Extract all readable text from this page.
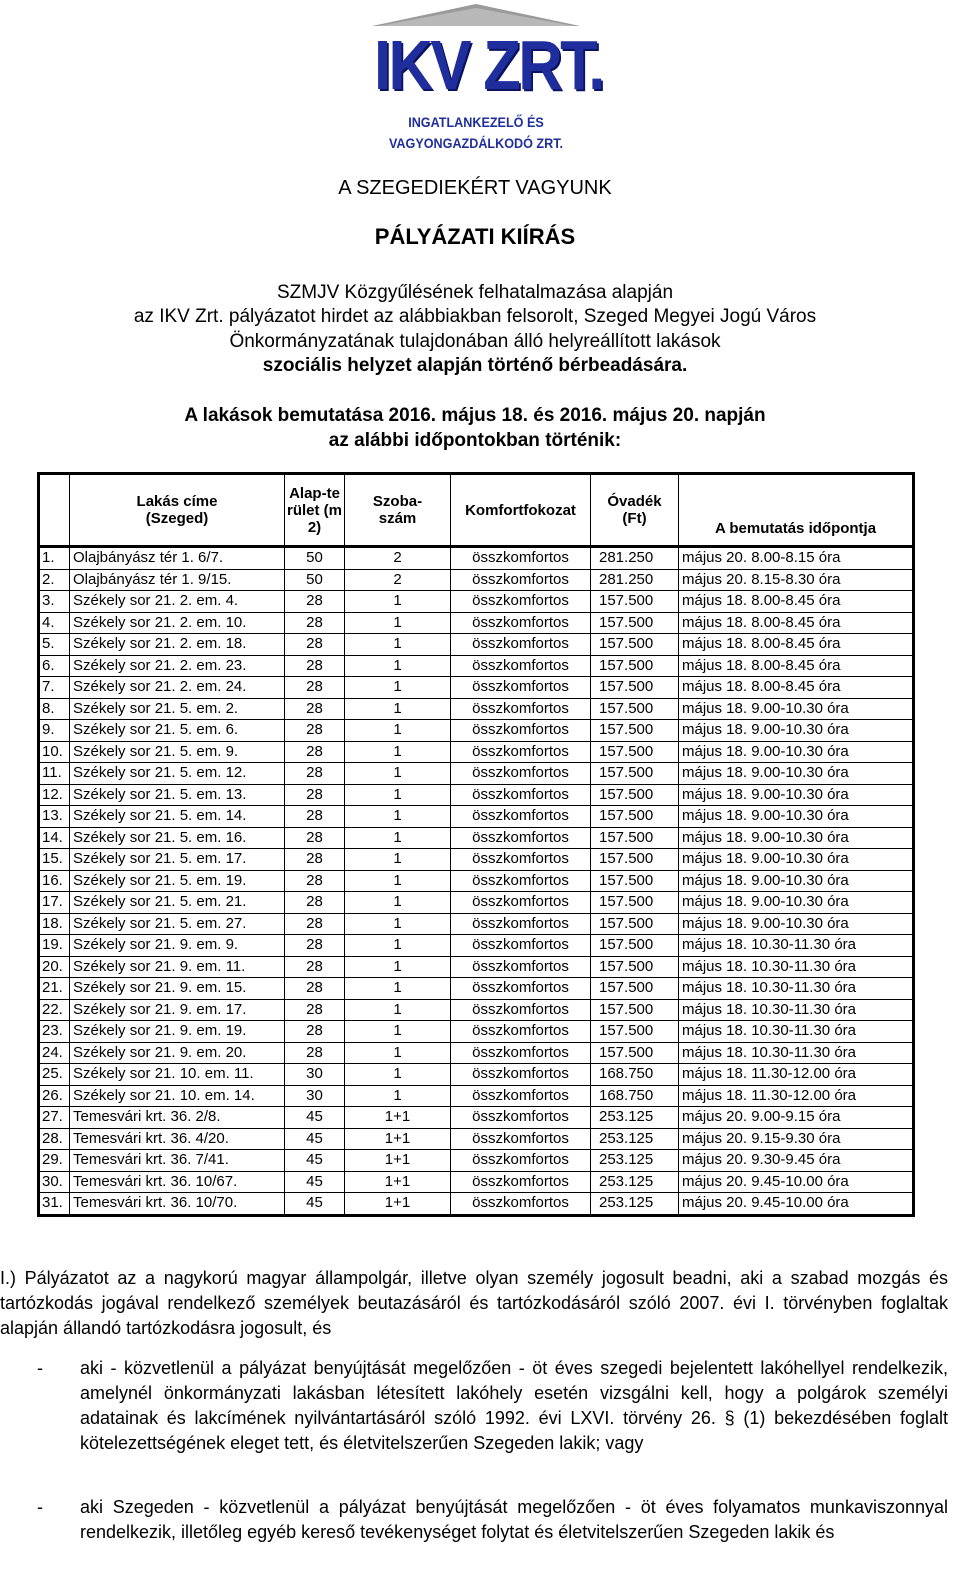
IKV ZRT.
INGATLANKEZELŐ ÉS
VAGYONGAZDÁLKODÓ ZRT.
A SZEGEDIEKÉRT VAGYUNK
PÁLYÁZATI KIÍRÁS
SZMJV Közgyűlésének felhatalmazása alapján
az IKV Zrt. pályázatot hirdet az alábbiakban felsorolt, Szeged Megyei Jogú Város
Önkormányzatának tulajdonában álló helyreállított lakások
szociális helyzet alapján történő bérbeadására.
A lakások bemutatása 2016. május 18. és 2016. május 20. napján
az alábbi időpontokban történik:
	Lakás címe (Szeged)	Alap-terület (m2)	Szoba-szám	Komfortfokozat	Óvadék (Ft)	A bemutatás időpontja
1.	Olajbányász tér 1. 6/7.	50	2	összkomfortos	281.250	május 20. 8.00-8.15 óra
2.	Olajbányász tér 1. 9/15.	50	2	összkomfortos	281.250	május 20. 8.15-8.30 óra
3.	Székely sor 21. 2. em. 4.	28	1	összkomfortos	157.500	május 18. 8.00-8.45 óra
4.	Székely sor 21. 2. em. 10.	28	1	összkomfortos	157.500	május 18. 8.00-8.45 óra
5.	Székely sor 21. 2. em. 18.	28	1	összkomfortos	157.500	május 18. 8.00-8.45 óra
6.	Székely sor 21. 2. em. 23.	28	1	összkomfortos	157.500	május 18. 8.00-8.45 óra
7.	Székely sor 21. 2. em. 24.	28	1	összkomfortos	157.500	május 18. 8.00-8.45 óra
8.	Székely sor 21. 5. em. 2.	28	1	összkomfortos	157.500	május 18. 9.00-10.30 óra
9.	Székely sor 21. 5. em. 6.	28	1	összkomfortos	157.500	május 18. 9.00-10.30 óra
10.	Székely sor 21. 5. em. 9.	28	1	összkomfortos	157.500	május 18. 9.00-10.30 óra
11.	Székely sor 21. 5. em. 12.	28	1	összkomfortos	157.500	május 18. 9.00-10.30 óra
12.	Székely sor 21. 5. em. 13.	28	1	összkomfortos	157.500	május 18. 9.00-10.30 óra
13.	Székely sor 21. 5. em. 14.	28	1	összkomfortos	157.500	május 18. 9.00-10.30 óra
14.	Székely sor 21. 5. em. 16.	28	1	összkomfortos	157.500	május 18. 9.00-10.30 óra
15.	Székely sor 21. 5. em. 17.	28	1	összkomfortos	157.500	május 18. 9.00-10.30 óra
16.	Székely sor 21. 5. em. 19.	28	1	összkomfortos	157.500	május 18. 9.00-10.30 óra
17.	Székely sor 21. 5. em. 21.	28	1	összkomfortos	157.500	május 18. 9.00-10.30 óra
18.	Székely sor 21. 5. em. 27.	28	1	összkomfortos	157.500	május 18. 9.00-10.30 óra
19.	Székely sor 21. 9. em. 9.	28	1	összkomfortos	157.500	május 18. 10.30-11.30 óra
20.	Székely sor 21. 9. em. 11.	28	1	összkomfortos	157.500	május 18. 10.30-11.30 óra
21.	Székely sor 21. 9. em. 15.	28	1	összkomfortos	157.500	május 18. 10.30-11.30 óra
22.	Székely sor 21. 9. em. 17.	28	1	összkomfortos	157.500	május 18. 10.30-11.30 óra
23.	Székely sor 21. 9. em. 19.	28	1	összkomfortos	157.500	május 18. 10.30-11.30 óra
24.	Székely sor 21. 9. em. 20.	28	1	összkomfortos	157.500	május 18. 10.30-11.30 óra
25.	Székely sor 21. 10. em. 11.	30	1	összkomfortos	168.750	május 18. 11.30-12.00 óra
26.	Székely sor 21. 10. em. 14.	30	1	összkomfortos	168.750	május 18. 11.30-12.00 óra
27.	Temesvári krt. 36. 2/8.	45	1+1	összkomfortos	253.125	május 20. 9.00-9.15 óra
28.	Temesvári krt. 36. 4/20.	45	1+1	összkomfortos	253.125	május 20. 9.15-9.30 óra
29.	Temesvári krt. 36. 7/41.	45	1+1	összkomfortos	253.125	május 20. 9.30-9.45 óra
30.	Temesvári krt. 36. 10/67.	45	1+1	összkomfortos	253.125	május 20. 9.45-10.00 óra
31.	Temesvári krt. 36. 10/70.	45	1+1	összkomfortos	253.125	május 20. 9.45-10.00 óra
I.) Pályázatot az a nagykorú magyar állampolgár, illetve olyan személy jogosult beadni, aki a szabad mozgás és tartózkodás jogával rendelkező személyek beutazásáról és tartózkodásáról szóló 2007. évi I. törvényben foglaltak alapján állandó tartózkodásra jogosult, és
- aki - közvetlenül a pályázat benyújtását megelőzően - öt éves szegedi bejelentett lakóhellyel rendelkezik, amelynél önkormányzati lakásban létesített lakóhely esetén vizsgálni kell, hogy a polgárok személyi adatainak és lakcímének nyilvántartásáról szóló 1992. évi LXVI. törvény 26. § (1) bekezdésében foglalt kötelezettségének eleget tett, és életvitelszerűen Szegeden lakik; vagy
- aki Szegeden - közvetlenül a pályázat benyújtását megelőzően - öt éves folyamatos munkaviszonnyal rendelkezik, illetőleg egyéb kereső tevékenységet folytat és életvitelszerűen Szegeden lakik és
